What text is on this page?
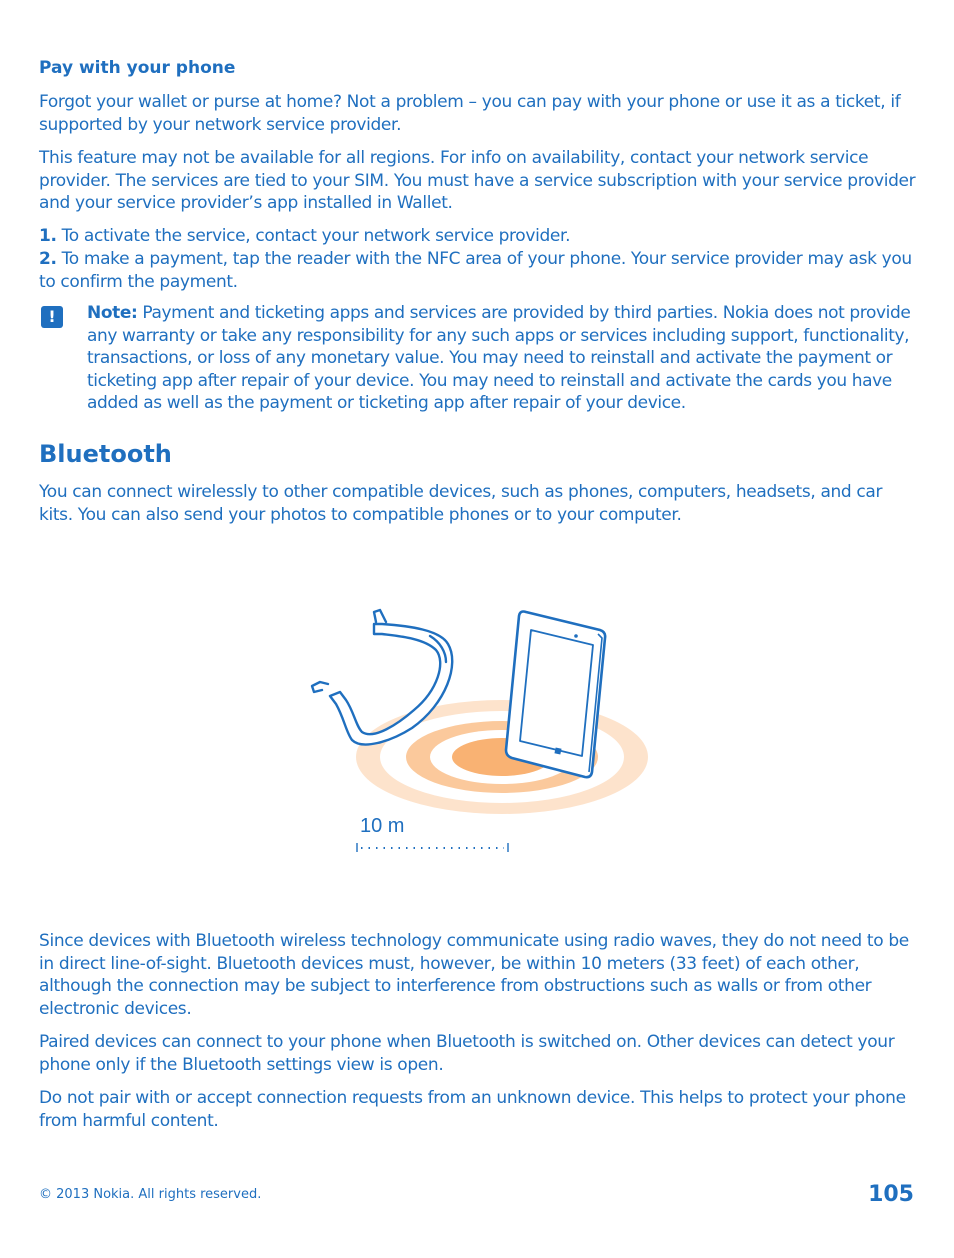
Pay with your phone

Forgot your wallet or purse at home? Not a problem – you can pay with your phone or use it as a ticket, if supported by your network service provider.

This feature may not be available for all regions. For info on availability, contact your network service provider. The services are tied to your SIM. You must have a service subscription with your service provider and your service provider’s app installed in Wallet.

1. To activate the service, contact your network service provider.

2. To make a payment, tap the reader with the NFC area of your phone. Your service provider may ask you to confirm the payment.

!	Note: Payment and ticketing apps and services are provided by third parties. Nokia does not provide any warranty or take any responsibility for any such apps or services including support, functionality, transactions, or loss of any monetary value. You may need to reinstall and activate the payment or ticketing app after repair of your device. You may need to reinstall and activate the cards you have added as well as the payment or ticketing app after repair of your device.

Bluetooth

You can connect wirelessly to other compatible devices, such as phones, computers, headsets, and car kits. You can also send your photos to compatible phones or to your computer.

10 m

Since devices with Bluetooth wireless technology communicate using radio waves, they do not need to be in direct line-of-sight. Bluetooth devices must, however, be within 10 meters (33 feet) of each other, although the connection may be subject to interference from obstructions such as walls or from other electronic devices.

Paired devices can connect to your phone when Bluetooth is switched on. Other devices can detect your phone only if the Bluetooth settings view is open.

Do not pair with or accept connection requests from an unknown device. This helps to protect your phone from harmful content.

© 2013 Nokia. All rights reserved.	105
